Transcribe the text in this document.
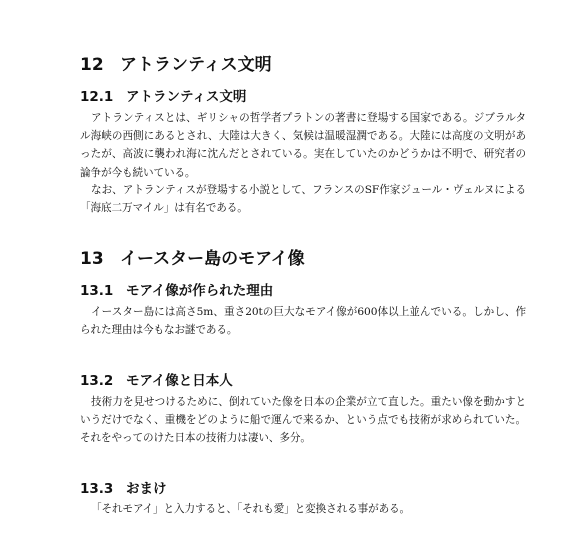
12 アトランティス文明
12.1 アトランティス文明

アトランティスとは、ギリシャの哲学者プラトンの著書に登場する国家である。ジブラルタル海峡の西側にあるとされ、大陸は大きく、気候は温暖湿潤である。大陸には高度の文明があったが、高波に襲われ海に沈んだとされている。実在していたのかどうかは不明で、研究者の論争が今も続いている。

なお、アトランティスが登場する小説として、フランスのSF作家ジュール・ヴェルヌによる「海底二万マイル」は有名である。

13 イースター島のモアイ像
13.1 モアイ像が作られた理由

イースター島には高さ5m、重さ20tの巨大なモアイ像が600体以上並んでいる。しかし、作られた理由は今もなお謎である。

13.2 モアイ像と日本人

技術力を見せつけるために、倒れていた像を日本の企業が立て直した。重たい像を動かすというだけでなく、重機をどのように船で運んで来るか、という点でも技術が求められていた。それをやってのけた日本の技術力は凄い、多分。

13.3 おまけ

「それモアイ」と入力すると、「それも愛」と変換される事がある。
